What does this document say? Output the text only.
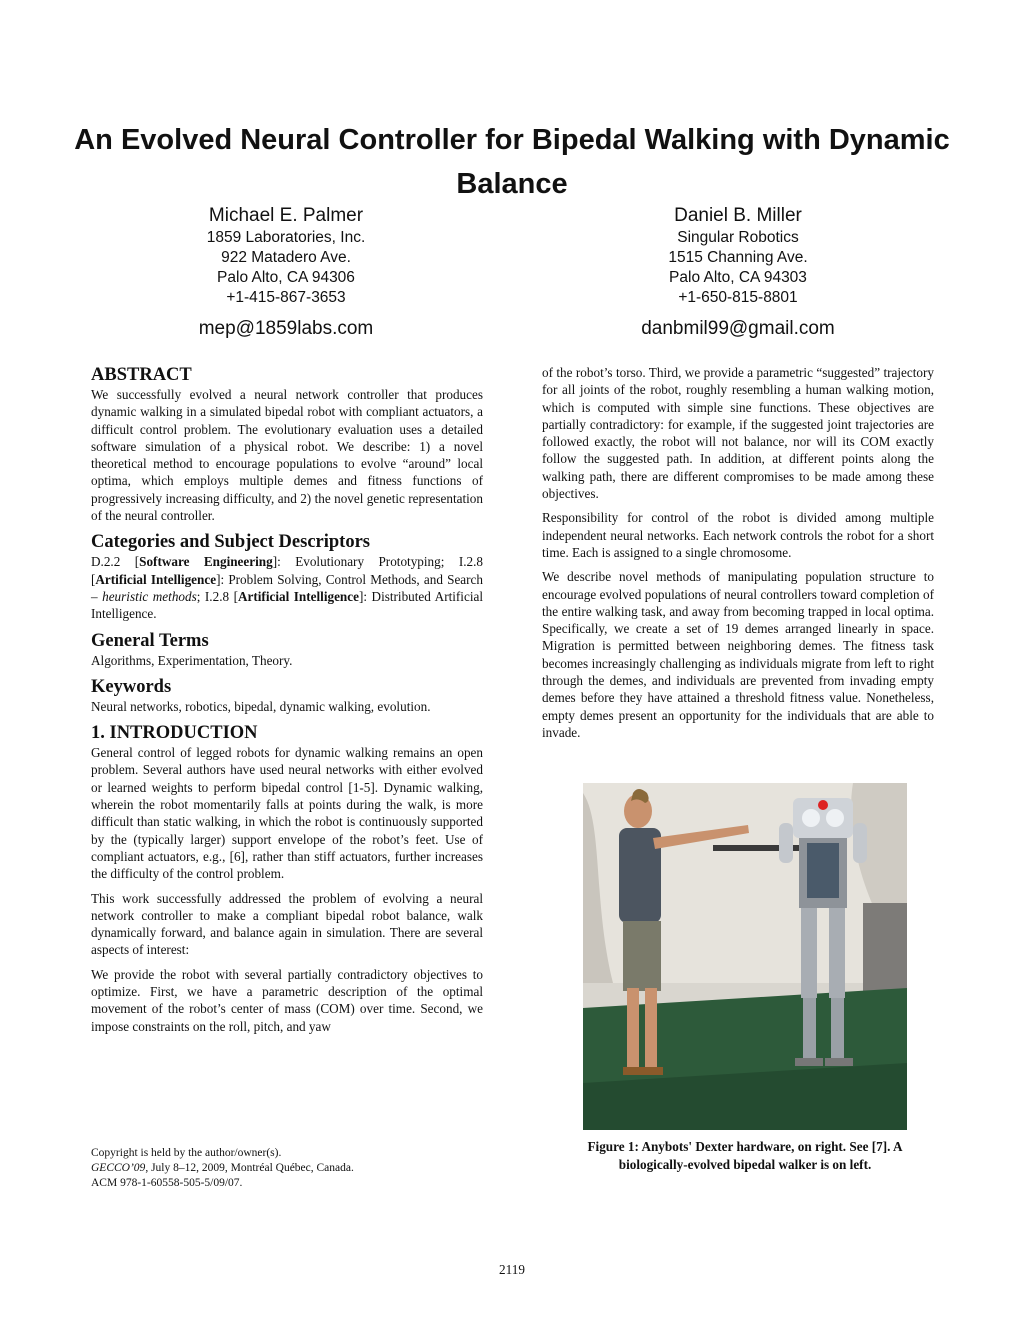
An Evolved Neural Controller for Bipedal Walking with Dynamic Balance
Michael E. Palmer
1859 Laboratories, Inc.
922 Matadero Ave.
Palo Alto, CA 94306
+1-415-867-3653
mep@1859labs.com
Daniel B. Miller
Singular Robotics
1515 Channing Ave.
Palo Alto, CA 94303
+1-650-815-8801
danbmil99@gmail.com
ABSTRACT

We successfully evolved a neural network controller that produces dynamic walking in a simulated bipedal robot with compliant actuators, a difficult control problem. The evolutionary evaluation uses a detailed software simulation of a physical robot. We describe: 1) a novel theoretical method to encourage populations to evolve “around” local optima, which employs multiple demes and fitness functions of progressively increasing difficulty, and 2) the novel genetic representation of the neural controller.

Categories and Subject Descriptors

D.2.2 [Software Engineering]: Evolutionary Prototyping; I.2.8 [Artificial Intelligence]: Problem Solving, Control Methods, and Search – heuristic methods; I.2.8 [Artificial Intelligence]: Distributed Artificial Intelligence.

General Terms

Algorithms, Experimentation, Theory.

Keywords

Neural networks, robotics, bipedal, dynamic walking, evolution.

1. INTRODUCTION

General control of legged robots for dynamic walking remains an open problem. Several authors have used neural networks with either evolved or learned weights to perform bipedal control [1-5]. Dynamic walking, wherein the robot momentarily falls at points during the walk, is more difficult than static walking, in which the robot is continuously supported by the (typically larger) support envelope of the robot’s feet. Use of compliant actuators, e.g., [6], rather than stiff actuators, further increases the difficulty of the control problem.

This work successfully addressed the problem of evolving a neural network controller to make a compliant bipedal robot balance, walk dynamically forward, and balance again in simulation. There are several aspects of interest:

We provide the robot with several partially contradictory objectives to optimize. First, we have a parametric description of the optimal movement of the robot’s center of mass (COM) over time. Second, we impose constraints on the roll, pitch, and yaw

of the robot’s torso. Third, we provide a parametric “suggested” trajectory for all joints of the robot, roughly resembling a human walking motion, which is computed with simple sine functions. These objectives are partially contradictory: for example, if the suggested joint trajectories are followed exactly, the robot will not balance, nor will its COM exactly follow the suggested path. In addition, at different points along the walking path, there are different compromises to be made among these objectives.

Responsibility for control of the robot is divided among multiple independent neural networks. Each network controls the robot for a short time. Each is assigned to a single chromosome.

We describe novel methods of manipulating population structure to encourage evolved populations of neural controllers toward completion of the entire walking task, and away from becoming trapped in local optima. Specifically, we create a set of 19 demes arranged linearly in space. Migration is permitted between neighboring demes. The fitness task becomes increasingly challenging as individuals migrate from left to right through the demes, and individuals are prevented from invading empty demes before they have attained a threshold fitness value. Nonetheless, empty demes present an opportunity for the individuals that are able to invade.

Figure 1: Anybots' Dexter hardware, on right. See [7]. A biologically-evolved bipedal walker is on left.
Copyright is held by the author/owner(s).
GECCO’09, July 8–12, 2009, Montréal Québec, Canada.
ACM 978-1-60558-505-5/09/07.
2119
